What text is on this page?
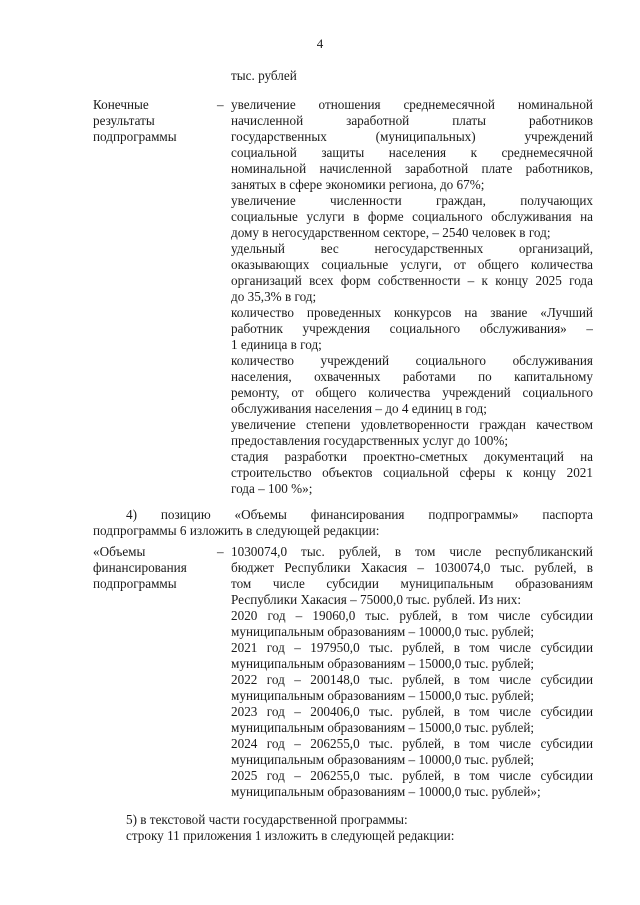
4
тыс. рублей
Конечные
результаты
подпрограммы
– увеличение отношения среднемесячной номинальной
начисленной заработной платы работников
государственных (муниципальных) учреждений
социальной защиты населения к среднемесячной
номинальной начисленной заработной плате работников,
занятых в сфере экономики региона, до 67%;
увеличение численности граждан, получающих
социальные услуги в форме социального обслуживания на
дому в негосударственном секторе, – 2540 человек в год;
удельный вес негосударственных организаций,
оказывающих социальные услуги, от общего количества
организаций всех форм собственности – к концу 2025 года
до 35,3% в год;
количество проведенных конкурсов на звание «Лучший
работник учреждения социального обслуживания» –
1 единица в год;
количество учреждений социального обслуживания
населения, охваченных работами по капитальному
ремонту, от общего количества учреждений социального
обслуживания населения – до 4 единиц в год;
увеличение степени удовлетворенности граждан качеством
предоставления государственных услуг до 100%;
стадия разработки проектно-сметных документаций на
строительство объектов социальной сферы к концу 2021
года – 100 %»;
4) позицию «Объемы финансирования подпрограммы» паспорта
подпрограммы 6 изложить в следующей редакции:
«Объемы
финансирования
подпрограммы
– 1030074,0 тыс. рублей, в том числе республиканский
бюджет Республики Хакасия – 1030074,0 тыс. рублей, в
том числе субсидии муниципальным образованиям
Республики Хакасия – 75000,0 тыс. рублей. Из них:
2020 год – 19060,0 тыс. рублей, в том числе субсидии
муниципальным образованиям – 10000,0 тыс. рублей;
2021 год – 197950,0 тыс. рублей, в том числе субсидии
муниципальным образованиям – 15000,0 тыс. рублей;
2022 год – 200148,0 тыс. рублей, в том числе субсидии
муниципальным образованиям – 15000,0 тыс. рублей;
2023 год – 200406,0 тыс. рублей, в том числе субсидии
муниципальным образованиям – 15000,0 тыс. рублей;
2024 год – 206255,0 тыс. рублей, в том числе субсидии
муниципальным образованиям – 10000,0 тыс. рублей;
2025 год – 206255,0 тыс. рублей, в том числе субсидии
муниципальным образованиям – 10000,0 тыс. рублей»;
5) в текстовой части государственной программы:
строку 11 приложения 1 изложить в следующей редакции:
